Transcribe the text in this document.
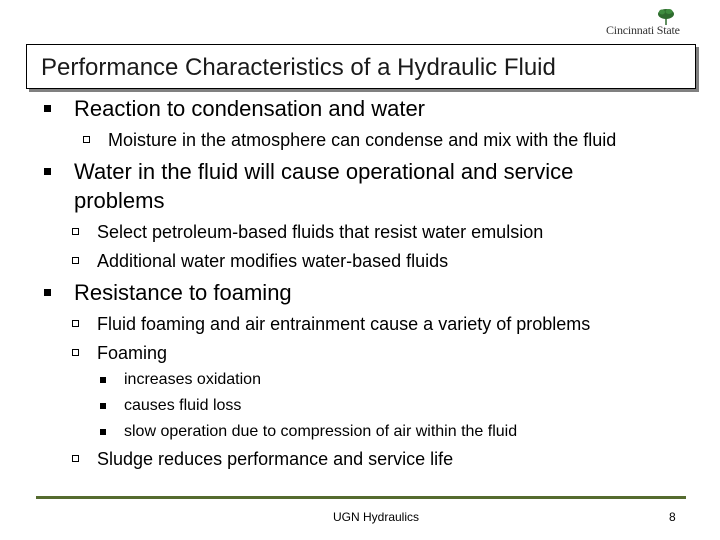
Cincinnati State
Performance Characteristics of a Hydraulic Fluid
Reaction to condensation and water
Moisture in the atmosphere can condense and mix with the fluid
Water in the fluid will cause operational and service problems
Select petroleum-based fluids that resist water emulsion
Additional water modifies water-based fluids
Resistance to foaming
Fluid foaming and air entrainment cause a variety of problems
Foaming
increases oxidation
causes fluid loss
slow operation due to compression of air within the fluid
Sludge reduces performance and service life
UGN Hydraulics	8
